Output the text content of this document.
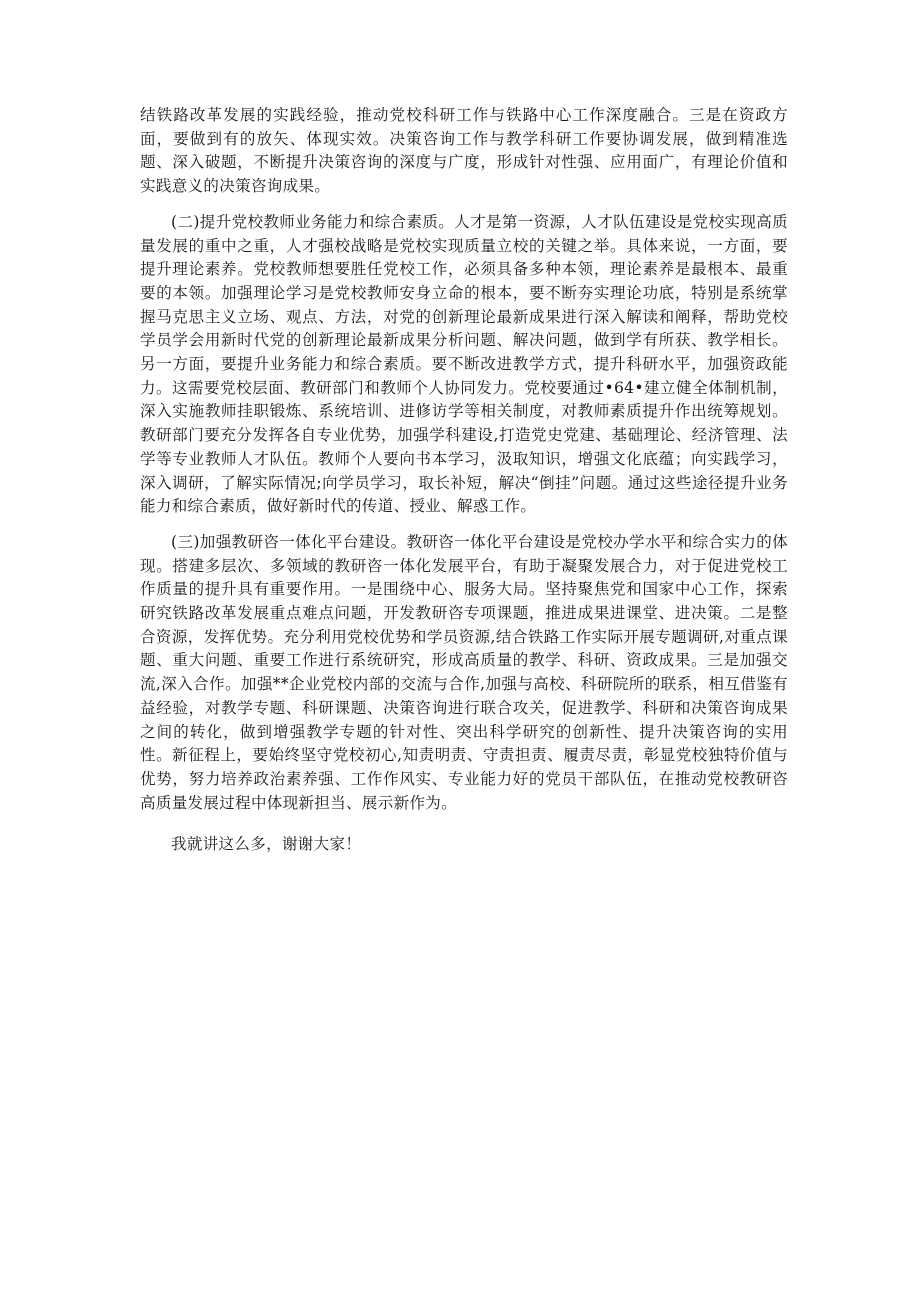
结铁路改革发展的实践经验，推动党校科研工作与铁路中心工作深度融合。三是在资政方面，要做到有的放矢、体现实效。决策咨询工作与教学科研工作要协调发展，做到精准选题、深入破题，不断提升决策咨询的深度与广度，形成针对性强、应用面广，有理论价值和实践意义的决策咨询成果。

(二)提升党校教师业务能力和综合素质。人才是第一资源，人才队伍建设是党校实现高质量发展的重中之重，人才强校战略是党校实现质量立校的关键之举。具体来说，一方面，要提升理论素养。党校教师想要胜任党校工作，必须具备多种本领，理论素养是最根本、最重要的本领。加强理论学习是党校教师安身立命的根本，要不断夯实理论功底，特别是系统掌握马克思主义立场、观点、方法，对党的创新理论最新成果进行深入解读和阐释，帮助党校学员学会用新时代党的创新理论最新成果分析问题、解决问题，做到学有所获、教学相长。另一方面，要提升业务能力和综合素质。要不断改进教学方式，提升科研水平，加强资政能力。这需要党校层面、教研部门和教师个人协同发力。党校要通过•64•建立健全体制机制，深入实施教师挂职锻炼、系统培训、进修访学等相关制度，对教师素质提升作出统筹规划。教研部门要充分发挥各自专业优势，加强学科建设,打造党史党建、基础理论、经济管理、法学等专业教师人才队伍。教师个人要向书本学习，汲取知识，增强文化底蕴；向实践学习，深入调研，了解实际情况;向学员学习，取长补短，解决“倒挂”问题。通过这些途径提升业务能力和综合素质，做好新时代的传道、授业、解惑工作。

(三)加强教研咨一体化平台建设。教研咨一体化平台建设是党校办学水平和综合实力的体现。搭建多层次、多领域的教研咨一体化发展平台，有助于凝聚发展合力，对于促进党校工作质量的提升具有重要作用。一是围绕中心、服务大局。坚持聚焦党和国家中心工作，探索研究铁路改革发展重点难点问题，开发教研咨专项课题，推进成果进课堂、进决策。二是整合资源，发挥优势。充分利用党校优势和学员资源,结合铁路工作实际开展专题调研,对重点课题、重大问题、重要工作进行系统研究，形成高质量的教学、科研、资政成果。三是加强交流,深入合作。加强**企业党校内部的交流与合作,加强与高校、科研院所的联系，相互借鉴有益经验，对教学专题、科研课题、决策咨询进行联合攻关，促进教学、科研和决策咨询成果之间的转化，做到增强教学专题的针对性、突出科学研究的创新性、提升决策咨询的实用性。新征程上，要始终坚守党校初心,知责明责、守责担责、履责尽责，彰显党校独特价值与优势，努力培养政治素养强、工作作风实、专业能力好的党员干部队伍，在推动党校教研咨高质量发展过程中体现新担当、展示新作为。

我就讲这么多，谢谢大家！
